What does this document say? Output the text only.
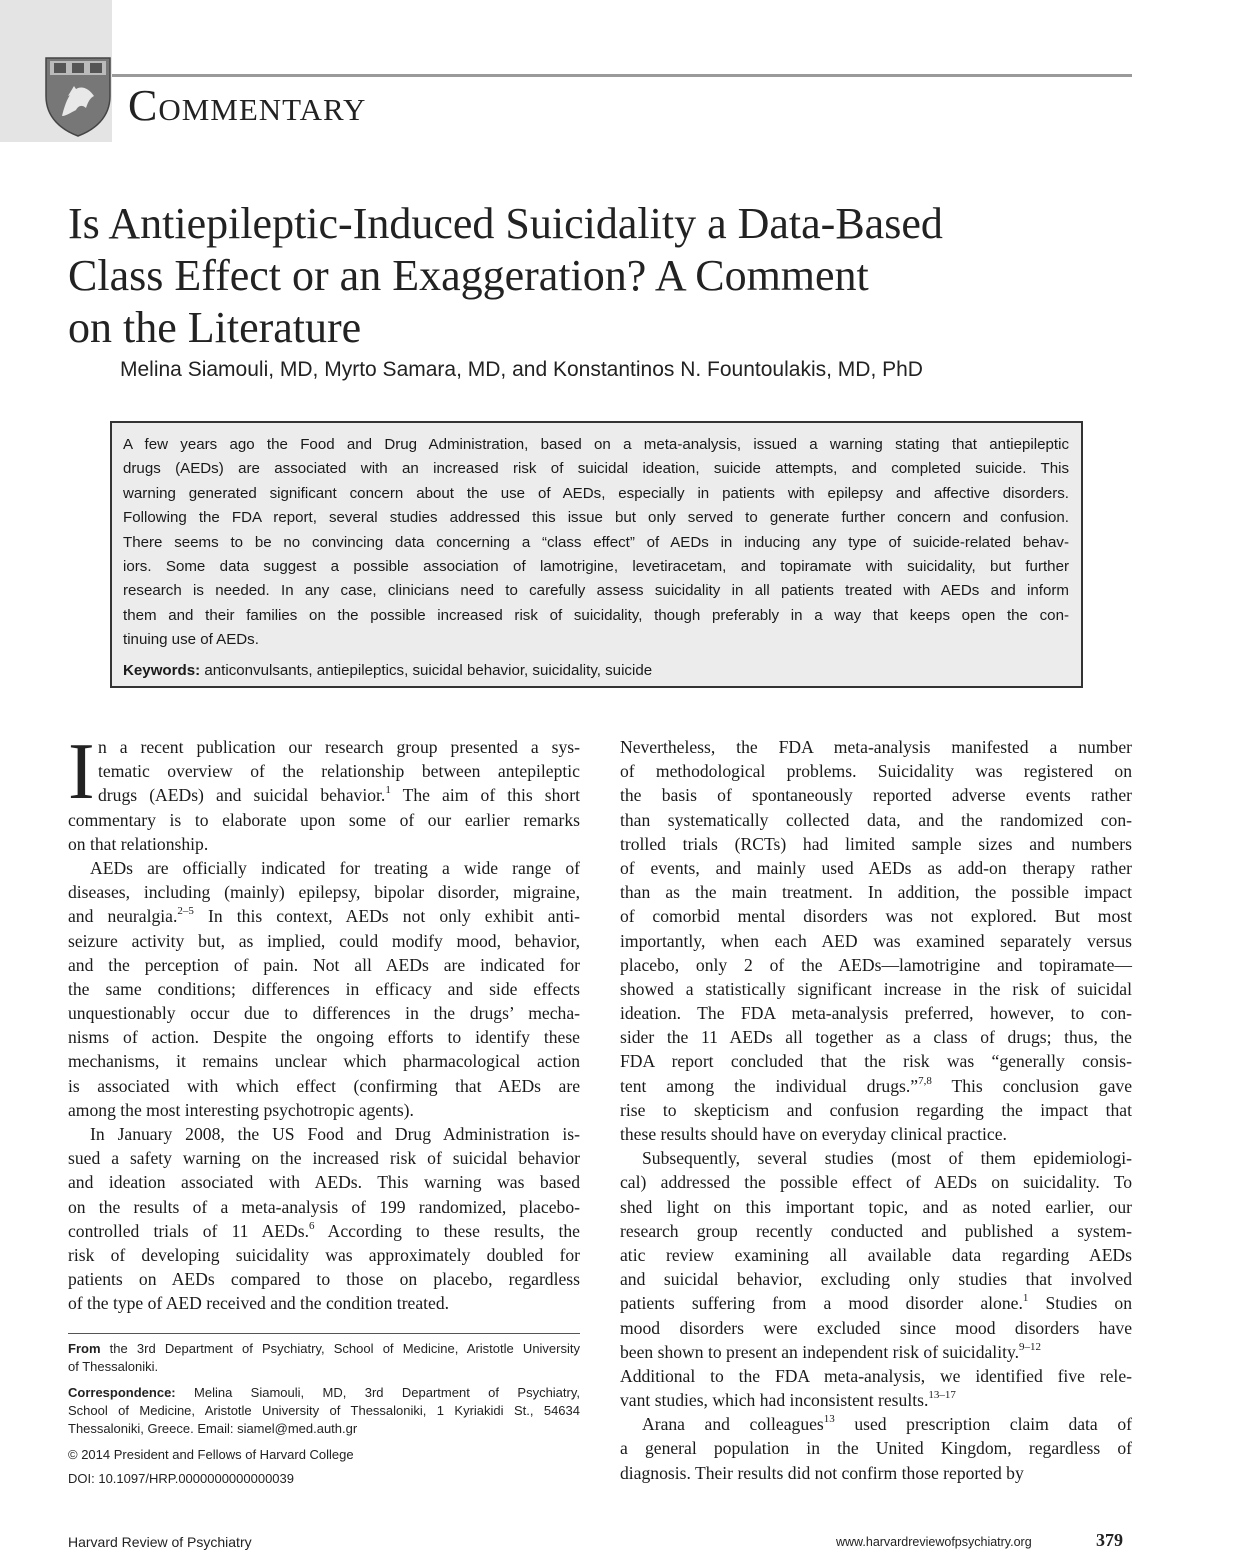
Commentary
Is Antiepileptic-Induced Suicidality a Data-Based
Class Effect or an Exaggeration? A Comment
on the Literature
Melina Siamouli, MD, Myrto Samara, MD, and Konstantinos N. Fountoulakis, MD, PhD
A few years ago the Food and Drug Administration, based on a meta-analysis, issued a warning stating that antiepileptic
drugs (AEDs) are associated with an increased risk of suicidal ideation, suicide attempts, and completed suicide. This
warning generated significant concern about the use of AEDs, especially in patients with epilepsy and affective disorders.
Following the FDA report, several studies addressed this issue but only served to generate further concern and confusion.
There seems to be no convincing data concerning a “class effect” of AEDs in inducing any type of suicide-related behav-
iors. Some data suggest a possible association of lamotrigine, levetiracetam, and topiramate with suicidality, but further
research is needed. In any case, clinicians need to carefully assess suicidality in all patients treated with AEDs and inform
them and their families on the possible increased risk of suicidality, though preferably in a way that keeps open the con-
tinuing use of AEDs.
Keywords: anticonvulsants, antiepileptics, suicidal behavior, suicidality, suicide
I n a recent publication our research group presented a sys-
tematic overview of the relationship between antepileptic
drugs (AEDs) and suicidal behavior.$^1$ The aim of this short
commentary is to elaborate upon some of our earlier remarks
on that relationship.
AEDs are officially indicated for treating a wide range of
diseases, including (mainly) epilepsy, bipolar disorder, migraine,
and neuralgia.$^{2-5}$ In this context, AEDs not only exhibit anti-
seizure activity but, as implied, could modify mood, behavior,
and the perception of pain. Not all AEDs are indicated for
the same conditions; differences in efficacy and side effects
unquestionably occur due to differences in the drugs’ mecha-
nisms of action. Despite the ongoing efforts to identify these
mechanisms, it remains unclear which pharmacological action
is associated with which effect (confirming that AEDs are
among the most interesting psychotropic agents).
In January 2008, the US Food and Drug Administration is-
sued a safety warning on the increased risk of suicidal behavior
and ideation associated with AEDs. This warning was based
on the results of a meta-analysis of 199 randomized, placebo-
controlled trials of 11 AEDs.$^6$ According to these results, the
risk of developing suicidality was approximately doubled for
patients on AEDs compared to those on placebo, regardless
of the type of AED received and the condition treated.
Nevertheless, the FDA meta-analysis manifested a number
of methodological problems. Suicidality was registered on
the basis of spontaneously reported adverse events rather
than systematically collected data, and the randomized con-
trolled trials (RCTs) had limited sample sizes and numbers
of events, and mainly used AEDs as add-on therapy rather
than as the main treatment. In addition, the possible impact
of comorbid mental disorders was not explored. But most
importantly, when each AED was examined separately versus
placebo, only 2 of the AEDs—lamotrigine and topiramate—
showed a statistically significant increase in the risk of suicidal
ideation. The FDA meta-analysis preferred, however, to con-
sider the 11 AEDs all together as a class of drugs; thus, the
FDA report concluded that the risk was “generally consis-
tent among the individual drugs.”$^{7,8}$ This conclusion gave
rise to skepticism and confusion regarding the impact that
these results should have on everyday clinical practice.
Subsequently, several studies (most of them epidemiologi-
cal) addressed the possible effect of AEDs on suicidality. To
shed light on this important topic, and as noted earlier, our
research group recently conducted and published a system-
atic review examining all available data regarding AEDs
and suicidal behavior, excluding only studies that involved
patients suffering from a mood disorder alone.$^1$ Studies on
mood disorders were excluded since mood disorders have
been shown to present an independent risk of suicidality.$^{9-12}$
Additional to the FDA meta-analysis, we identified five rele-
vant studies, which had inconsistent results.$^{13-17}$
Arana and colleagues$^{13}$ used prescription claim data of
a general population in the United Kingdom, regardless of
diagnosis. Their results did not confirm those reported by
From the 3rd Department of Psychiatry, School of Medicine, Aristotle University
of Thessaloniki.
Correspondence: Melina Siamouli, MD, 3rd Department of Psychiatry,
School of Medicine, Aristotle University of Thessaloniki, 1 Kyriakidi St., 54634
Thessaloniki, Greece. Email: siamel@med.auth.gr
© 2014 President and Fellows of Harvard College
DOI: 10.1097/HRP.0000000000000039
Harvard Review of Psychiatry	www.harvardreviewofpsychiatry.org	379
